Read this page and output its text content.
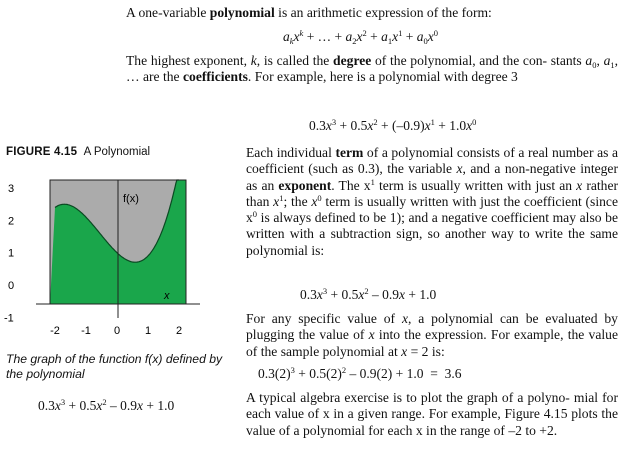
A one-variable polynomial is an arithmetic expression of the form:

$a_kx^k$ + … + $a_2x^2 + a_1x^1 + a_0x^0$

The highest exponent, k, is called the degree of the polynomial, and the con- stants $a_0$, $a_1$, … are the coefficients. For example, here is a polynomial with degree 3

$0.3x^3 + 0.5x^2 + (-0.9)x^1 + 1.0x^0$
FIGURE 4.15 A Polynomial
3
2
1
0
-1
-2 -1 0 1 2
f(x)
x
The graph of the function f(x) defined by the polynomial
$0.3x^3 + 0.5x^2 - 0.9x + 1.0$

Each individual term of a polynomial consists of a real number as a coefficient (such as 0.3), the variable x, and a non-negative integer as an exponent. The $x^1$ term is usually written with just an x rather than $x^1$; the $x^0$ term is usually written with just the coefficient (since $x^0$ is always defined to be 1); and a negative coefficient may also be written with a subtraction sign, so another way to write the same polynomial is:

$0.3x^3 + 0.5x^2 - 0.9x + 1.0$

For any specific value of x, a polynomial can be evaluated by plugging the value of x into the expression. For example, the value of the sample polynomial at x = 2 is:

$0.3(2)^3 + 0.5(2)^2 - 0.9(2) + 1.0 = 3.6$

A typical algebra exercise is to plot the graph of a polyno- mial for each value of x in a given range. For example, Figure 4.15 plots the value of a polynomial for each x in the range of –2 to +2.
